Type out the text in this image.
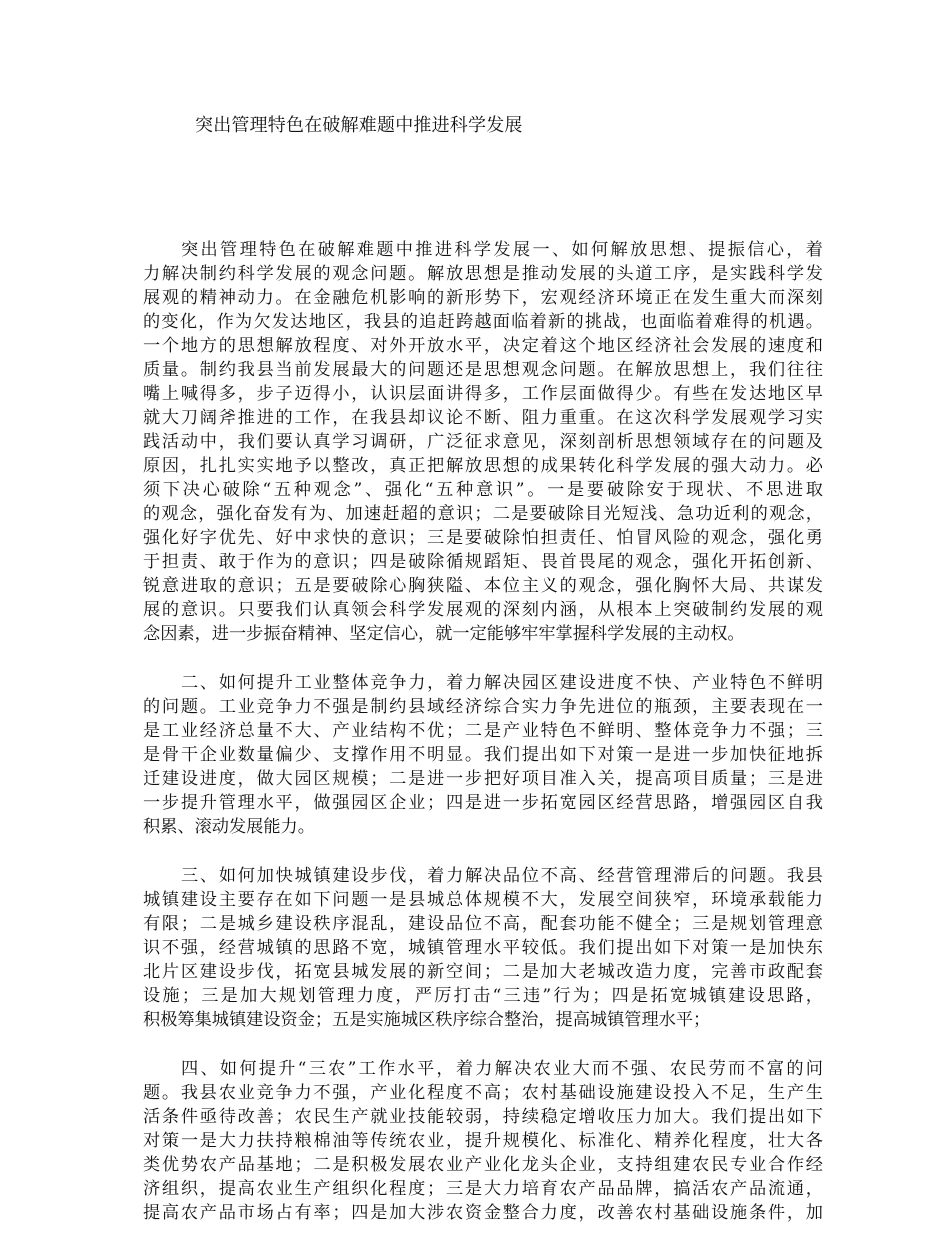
突出管理特色在破解难题中推进科学发展

突出管理特色在破解难题中推进科学发展一、如何解放思想、提振信心，着
力解决制约科学发展的观念问题。解放思想是推动发展的头道工序，是实践科学发
展观的精神动力。在金融危机影响的新形势下，宏观经济环境正在发生重大而深刻
的变化，作为欠发达地区，我县的追赶跨越面临着新的挑战，也面临着难得的机遇。
一个地方的思想解放程度、对外开放水平，决定着这个地区经济社会发展的速度和
质量。制约我县当前发展最大的问题还是思想观念问题。在解放思想上，我们往往
嘴上喊得多，步子迈得小，认识层面讲得多，工作层面做得少。有些在发达地区早
就大刀阔斧推进的工作，在我县却议论不断、阻力重重。在这次科学发展观学习实
践活动中，我们要认真学习调研，广泛征求意见，深刻剖析思想领域存在的问题及
原因，扎扎实实地予以整改，真正把解放思想的成果转化科学发展的强大动力。必
须下决心破除“五种观念”、强化“五种意识”。一是要破除安于现状、不思进取
的观念，强化奋发有为、加速赶超的意识；二是要破除目光短浅、急功近利的观念，
强化好字优先、好中求快的意识；三是要破除怕担责任、怕冒风险的观念，强化勇
于担责、敢于作为的意识；四是破除循规蹈矩、畏首畏尾的观念，强化开拓创新、
锐意进取的意识；五是要破除心胸狭隘、本位主义的观念，强化胸怀大局、共谋发
展的意识。只要我们认真领会科学发展观的深刻内涵，从根本上突破制约发展的观
念因素，进一步振奋精神、坚定信心，就一定能够牢牢掌握科学发展的主动权。

二、如何提升工业整体竞争力，着力解决园区建设进度不快、产业特色不鲜明
的问题。工业竞争力不强是制约县域经济综合实力争先进位的瓶颈，主要表现在一
是工业经济总量不大、产业结构不优；二是产业特色不鲜明、整体竞争力不强；三
是骨干企业数量偏少、支撑作用不明显。我们提出如下对策一是进一步加快征地拆
迁建设进度，做大园区规模；二是进一步把好项目准入关，提高项目质量；三是进
一步提升管理水平，做强园区企业；四是进一步拓宽园区经营思路，增强园区自我
积累、滚动发展能力。

三、如何加快城镇建设步伐，着力解决品位不高、经营管理滞后的问题。我县
城镇建设主要存在如下问题一是县城总体规模不大，发展空间狭窄，环境承载能力
有限；二是城乡建设秩序混乱，建设品位不高，配套功能不健全；三是规划管理意
识不强，经营城镇的思路不宽，城镇管理水平较低。我们提出如下对策一是加快东
北片区建设步伐，拓宽县城发展的新空间；二是加大老城改造力度，完善市政配套
设施；三是加大规划管理力度，严厉打击“三违”行为；四是拓宽城镇建设思路，
积极筹集城镇建设资金；五是实施城区秩序综合整治，提高城镇管理水平；

四、如何提升“三农”工作水平，着力解决农业大而不强、农民劳而不富的问
题。我县农业竞争力不强，产业化程度不高；农村基础设施建设投入不足，生产生
活条件亟待改善；农民生产就业技能较弱，持续稳定增收压力加大。我们提出如下
对策一是大力扶持粮棉油等传统农业，提升规模化、标准化、精养化程度，壮大各
类优势农产品基地；二是积极发展农业产业化龙头企业，支持组建农民专业合作经
济组织，提高农业生产组织化程度；三是大力培育农产品品牌，搞活农产品流通，
提高农产品市场占有率；四是加大涉农资金整合力度，改善农村基础设施条件，加
